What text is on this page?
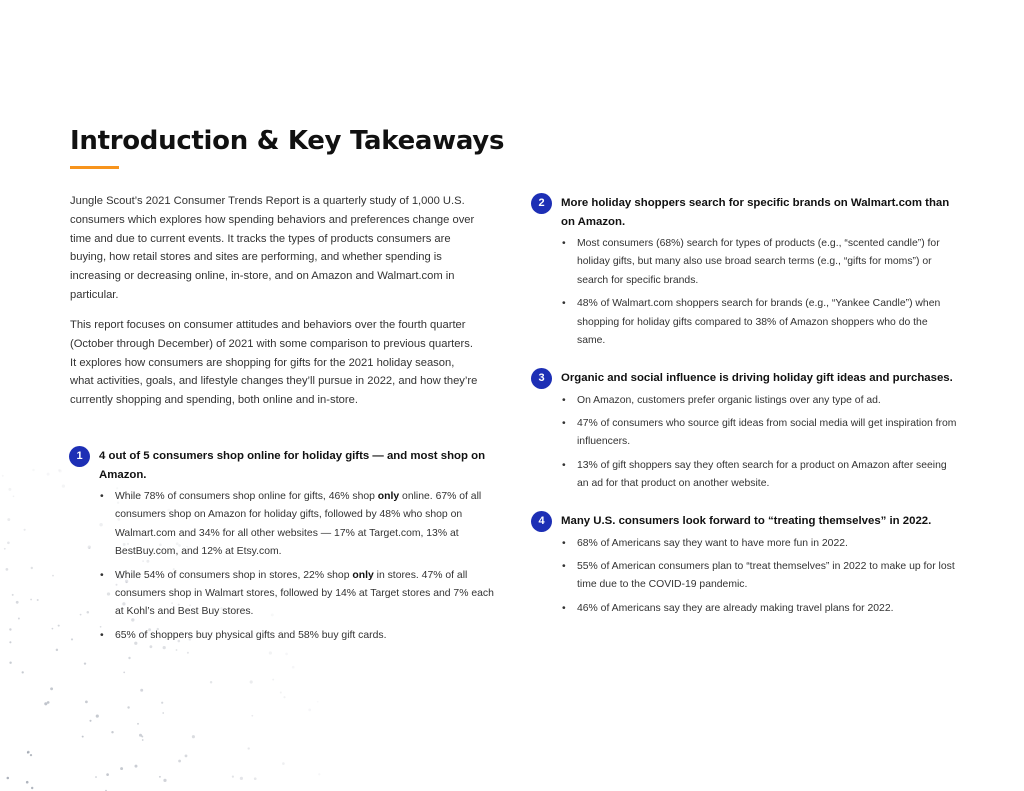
Introduction & Key Takeaways

Jungle Scout’s 2021 Consumer Trends Report is a quarterly study of 1,000 U.S. consumers which explores how spending behaviors and preferences change over time and due to current events. It tracks the types of products consumers are buying, how retail stores and sites are performing, and whether spending is increasing or decreasing online, in-store, and on Amazon and Walmart.com in particular.

This report focuses on consumer attitudes and behaviors over the fourth quarter (October through December) of 2021 with some comparison to previous quarters. It explores how consumers are shopping for gifts for the 2021 holiday season, what activities, goals, and lifestyle changes they’ll pursue in 2022, and how they’re currently shopping and spending, both online and in-store.

1	4 out of 5 consumers shop online for holiday gifts — and most shop on Amazon.

• While 78% of consumers shop online for gifts, 46% shop only online. 67% of all consumers shop on Amazon for holiday gifts, followed by 48% who shop on Walmart.com and 34% for all other websites — 17% at Target.com, 13% at BestBuy.com, and 12% at Etsy.com.
• While 54% of consumers shop in stores, 22% shop only in stores. 47% of all consumers shop in Walmart stores, followed by 14% at Target stores and 7% each at Kohl’s and Best Buy stores.
• 65% of shoppers buy physical gifts and 58% buy gift cards.
2	More holiday shoppers search for specific brands on Walmart.com than on Amazon.

• Most consumers (68%) search for types of products (e.g., “scented candle”) for holiday gifts, but many also use broad search terms (e.g., “gifts for moms”) or search for specific brands.
• 48% of Walmart.com shoppers search for brands (e.g., “Yankee Candle”) when shopping for holiday gifts compared to 38% of Amazon shoppers who do the same.
3	Organic and social influence is driving holiday gift ideas and purchases.

• On Amazon, customers prefer organic listings over any type of ad.
• 47% of consumers who source gift ideas from social media will get inspiration from influencers.
• 13% of gift shoppers say they often search for a product on Amazon after seeing an ad for that product on another website.
4	Many U.S. consumers look forward to “treating themselves” in 2022.

• 68% of Americans say they want to have more fun in 2022.
• 55% of American consumers plan to “treat themselves” in 2022 to make up for lost time due to the COVID-19 pandemic.
• 46% of Americans say they are already making travel plans for 2022.
